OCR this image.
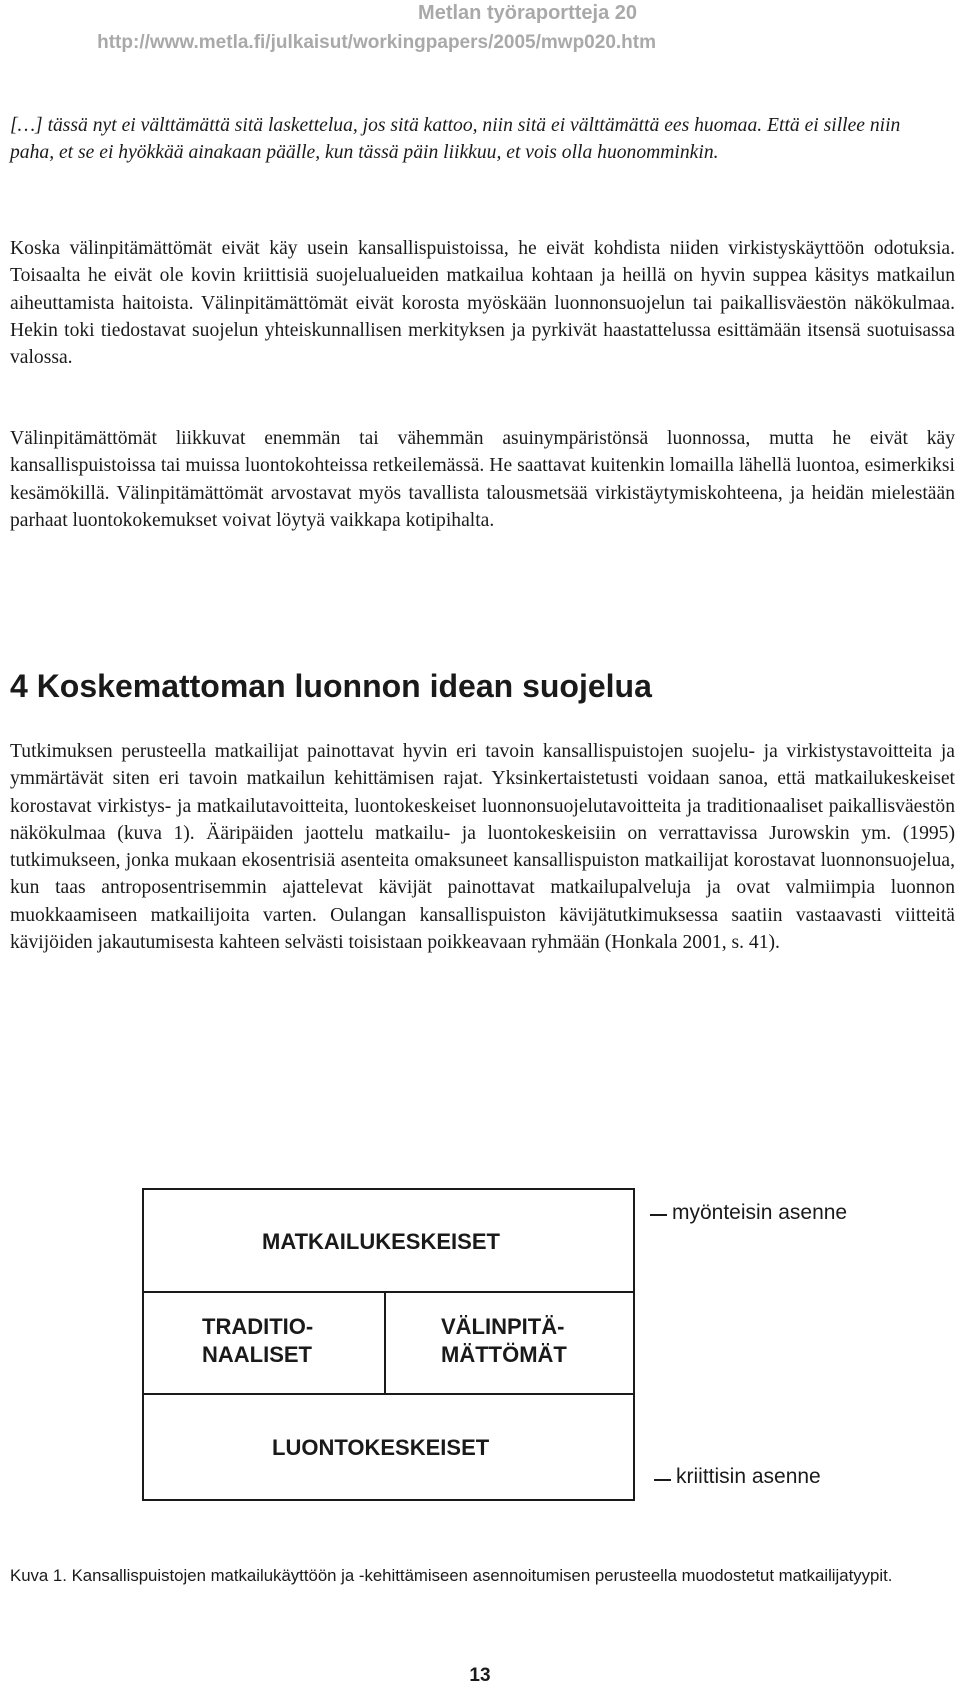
Metlan työraportteja 20
http://www.metla.fi/julkaisut/workingpapers/2005/mwp020.htm

[…] tässä nyt ei välttämättä sitä laskettelua, jos sitä kattoo, niin sitä ei välttämättä ees huomaa. Että ei sillee niin paha, et se ei hyökkää ainakaan päälle, kun tässä päin liikkuu, et vois olla huonomminkin.

Koska välinpitämättömät eivät käy usein kansallispuistoissa, he eivät kohdista niiden virkistyskäyttöön odotuksia. Toisaalta he eivät ole kovin kriittisiä suojelualueiden matkailua kohtaan ja heillä on hyvin suppea käsitys matkailun aiheuttamista haitoista. Välinpitämättömät eivät korosta myöskään luonnonsuojelun tai paikallisväestön näkökulmaa. Hekin toki tiedostavat suojelun yhteiskunnallisen merkityksen ja pyrkivät haastattelussa esittämään itsensä suotuisassa valossa.

Välinpitämättömät liikkuvat enemmän tai vähemmän asuinympäristönsä luonnossa, mutta he eivät käy kansallispuistoissa tai muissa luontokohteissa retkeilemässä. He saattavat kuitenkin lomailla lähellä luontoa, esimerkiksi kesämökillä. Välinpitämättömät arvostavat myös tavallista talousmetsää virkistäytymiskohteena, ja heidän mielestään parhaat luontokokemukset voivat löytyä vaikkapa kotipihalta.

4 Koskemattoman luonnon idean suojelua

Tutkimuksen perusteella matkailijat painottavat hyvin eri tavoin kansallispuistojen suojelu- ja virkistystavoitteita ja ymmärtävät siten eri tavoin matkailun kehittämisen rajat. Yksinkertaistetusti voidaan sanoa, että matkailukeskeiset korostavat virkistys- ja matkailutavoitteita, luontokeskeiset luonnonsuojelutavoitteita ja traditionaaliset paikallisväestön näkökulmaa (kuva 1). Ääripäiden jaottelu matkailu- ja luontokeskeisiin on verrattavissa Jurowskin ym. (1995) tutkimukseen, jonka mukaan ekosentrisiä asenteita omaksuneet kansallispuiston matkailijat korostavat luonnonsuojelua, kun taas antroposentrisemmin ajattelevat kävijät painottavat matkailupalveluja ja ovat valmiimpia luonnon muokkaamiseen matkailijoita varten. Oulangan kansallispuiston kävijätutkimuksessa saatiin vastaavasti viitteitä kävijöiden jakautumisesta kahteen selvästi toisistaan poikkeavaan ryhmään (Honkala 2001, s. 41).

MATKAILUKESKEISET
TRADITIO-
NAALISET
VÄLINPITÄ-
MÄTTÖMÄT
LUONTOKESKEISET
myönteisin asenne
kriittisin asenne

Kuva 1. Kansallispuistojen matkailukäyttöön ja -kehittämiseen asennoitumisen perusteella muodostetut matkailijatyypit.

13
